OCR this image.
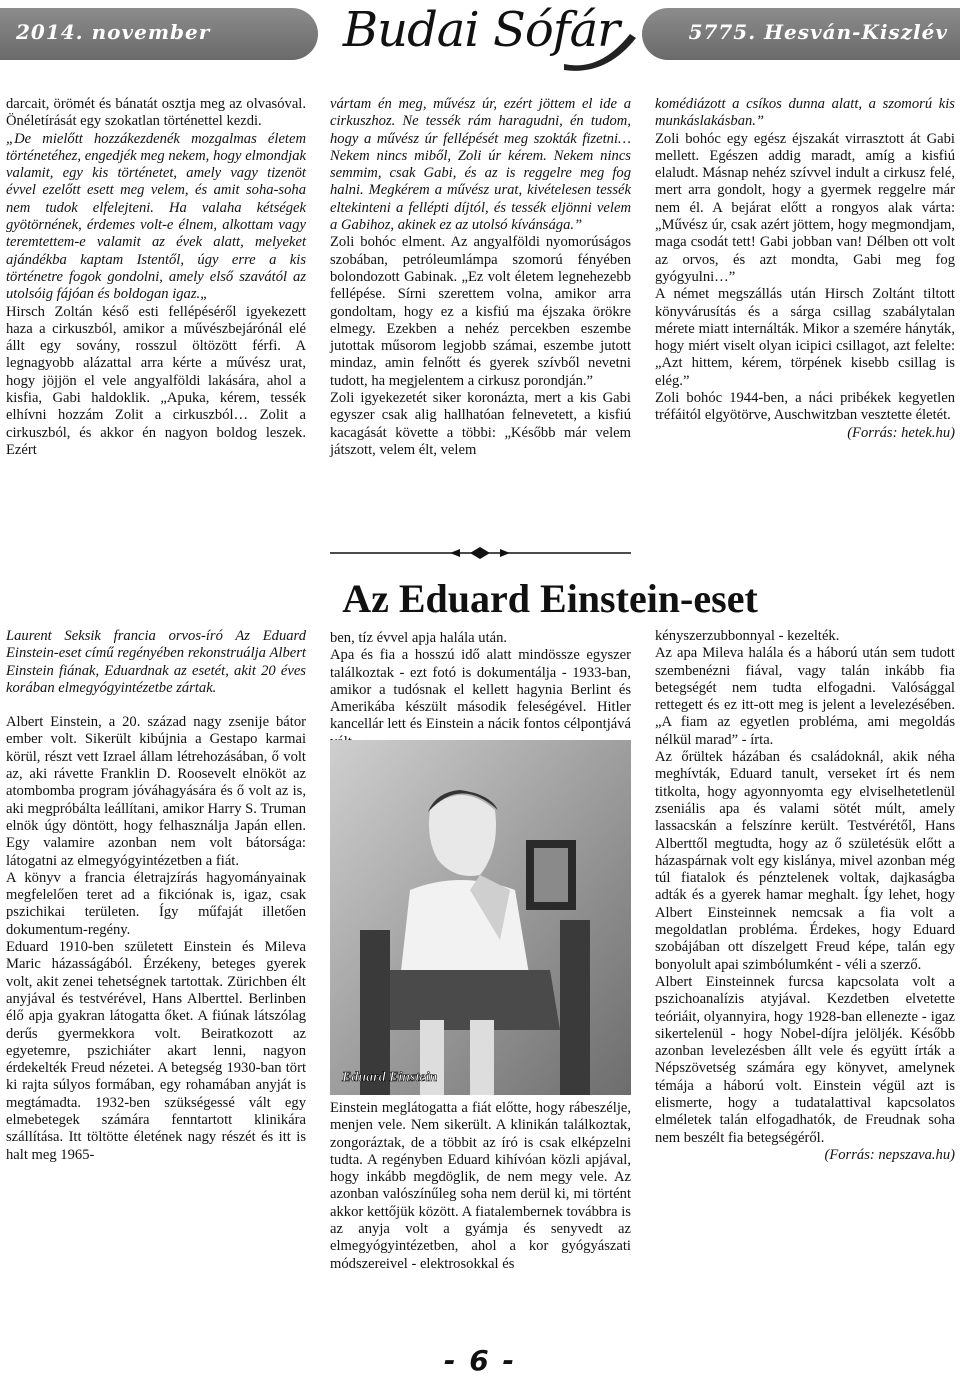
2014. november	5775. Hesván-Kiszlév
Budai Sófár

darcait, örömét és bánatát osztja meg az olvasóval. Önéletírását egy szokatlan történettel kezdi.

„De mielőtt hozzákezdenék mozgalmas életem történetéhez, engedjék meg nekem, hogy elmondjak valamit, egy kis történetet, amely vagy tizenöt évvel ezelőtt esett meg velem, és amit soha-soha nem tudok elfelejteni. Ha valaha kétségek gyötörnének, érdemes volt-e élnem, alkottam vagy teremtettem-e valamit az évek alatt, melyeket ajándékba kaptam Istentől, úgy erre a kis történetre fogok gondolni, amely első szavától az utolsóig fájóan és boldogan igaz.„

Hirsch Zoltán késő esti fellépéséről igyekezett haza a cirkuszból, amikor a művészbejárónál elé állt egy sovány, rosszul öltözött férfi. A legnagyobb alázattal arra kérte a művész urat, hogy jöjjön el vele angyalföldi lakására, ahol a kisfia, Gabi haldoklik. „Apuka, kérem, tessék elhívni hozzám Zolit a cirkuszból… Zolit a cirkuszból, és akkor én nagyon boldog leszek. Ezért

vártam én meg, művész úr, ezért jöttem el ide a cirkuszhoz. Ne tessék rám haragudni, én tudom, hogy a művész úr fellépését meg szokták fizetni… Nekem nincs miből, Zoli úr kérem. Nekem nincs semmim, csak Gabi, és az is reggelre meg fog halni. Megkérem a művész urat, kivételesen tessék eltekinteni a fellépti díjtól, és tessék eljönni velem a Gabihoz, akinek ez az utolsó kívánsága.”

Zoli bohóc elment. Az angyalföldi nyomorúságos szobában, petróleumlámpa szomorú fényében bolondozott Gabinak. „Ez volt életem legnehezebb fellépése. Sírni szerettem volna, amikor arra gondoltam, hogy ez a kisfiú ma éjszaka örökre elmegy. Ezekben a nehéz percekben eszembe jutottak műsorom legjobb számai, eszembe jutott mindaz, amin felnőtt és gyerek szívből nevetni tudott, ha megjelentem a cirkusz porondján.”

Zoli igyekezetét siker koronázta, mert a kis Gabi egyszer csak alig hallhatóan felnevetett, a kisfiú kacagását követte a többi: „Később már velem játszott, velem élt, velem

komédiázott a csíkos dunna alatt, a szomorú kis munkáslakásban.”

Zoli bohóc egy egész éjszakát virrasztott át Gabi mellett. Egészen addig maradt, amíg a kisfiú elaludt. Másnap nehéz szívvel indult a cirkusz felé, mert arra gondolt, hogy a gyermek reggelre már nem él. A bejárat előtt a rongyos alak várta: „Művész úr, csak azért jöttem, hogy megmondjam, maga csodát tett! Gabi jobban van! Délben ott volt az orvos, és azt mondta, Gabi meg fog gyógyulni…”

A német megszállás után Hirsch Zoltánt tiltott könyvárusítás és a sárga csillag szabálytalan mérete miatt internálták. Mikor a szemére hányták, hogy miért viselt olyan icipici csillagot, azt felelte: „Azt hittem, kérem, törpének kisebb csillag is elég.”

Zoli bohóc 1944-ben, a náci pribékek kegyetlen tréfáitól elgyötörve, Auschwitzban vesztette életét.

(Forrás: hetek.hu)

Az Eduard Einstein-eset

Laurent Seksik francia orvos-író Az Eduard Einstein-eset című regényében rekonstruálja Albert Einstein fiának, Eduardnak az esetét, akit 20 éves korában elmegyógyintézetbe zártak.

Albert Einstein, a 20. század nagy zsenije bátor ember volt. Sikerült kibújnia a Gestapo karmai körül, részt vett Izrael állam létrehozásában, ő volt az, aki rávette Franklin D. Roosevelt elnököt az atombomba program jóváhagyására és ő volt az is, aki megpróbálta leállítani, amikor Harry S. Truman elnök úgy döntött, hogy felhasználja Japán ellen. Egy valamire azonban nem volt bátorsága: látogatni az elmegyógyintézetben a fiát.

A könyv a francia életrajzírás hagyományainak megfelelően teret ad a fikciónak is, igaz, csak pszichikai területen. Így műfaját illetően dokumentum-regény.

Eduard 1910-ben született Einstein és Mileva Maric házasságából. Érzékeny, beteges gyerek volt, akit zenei tehetségnek tartottak. Zürichben élt anyjával és testvérével, Hans Alberttel. Berlinben élő apja gyakran látogatta őket. A fiúnak látszólag derűs gyermekkora volt. Beiratkozott az egyetemre, pszichiáter akart lenni, nagyon érdekelték Freud nézetei. A betegség 1930-ban tört ki rajta súlyos formában, egy rohamában anyját is megtámadta. 1932-ben szükségessé vált egy elmebetegek számára fenntartott klinikára szállítása. Itt töltötte életének nagy részét és itt is halt meg 1965-

ben, tíz évvel apja halála után.

Apa és fia a hosszú idő alatt mindössze egyszer találkoztak - ezt fotó is dokumentálja - 1933-ban, amikor a tudósnak el kellett hagynia Berlint és Amerikába készült második feleségével. Hitler kancellár lett és Einstein a nácik fontos célpontjává

Eduard Einstein

Einstein meglátogatta a fiát előtte, hogy rábeszélje, menjen vele. Nem sikerült. A klinikán találkoztak, zongoráztak, de a többit az író is csak elképzelni tudta. A regényben Eduard kihívóan közli apjával, hogy inkább megdöglik, de nem megy vele. Az azonban valószínűleg soha nem derül ki, mi történt akkor kettőjük között. A fiatalembernek továbbra is az anyja volt a gyámja és senyvedt az elmegyógyintézetben, ahol a kor gyógyászati módszereivel - elektrosokkal és

kényszerzubbonnyal - kezelték.

Az apa Mileva halála és a háború után sem tudott szembenézni fiával, vagy talán inkább fia betegségét nem tudta elfogadni. Valósággal rettegett és ez itt-ott meg is jelent a levelezésében. „A fiam az egyetlen probléma, ami megoldás nélkül marad” - írta.

Az őrültek házában és családoknál, akik néha meghívták, Eduard tanult, verseket írt és nem titkolta, hogy agyonnyomta egy elviselhetetlenül zseniális apa és valami sötét múlt, amely lassacskán a felszínre került. Testvérétől, Hans Alberttől megtudta, hogy az ő születésük előtt a házaspárnak volt egy kislánya, mivel azonban még túl fiatalok és pénztelenek voltak, dajkaságba adták és a gyerek hamar meghalt. Így lehet, hogy Albert Einsteinnek nemcsak a fia volt a megoldatlan probléma. Érdekes, hogy Eduard szobájában ott díszelgett Freud képe, talán egy bonyolult apai szimbólumként - véli a szerző.

Albert Einsteinnek furcsa kapcsolata volt a pszichoanalízis atyjával. Kezdetben elvetette teóriáit, olyannyira, hogy 1928-ban ellenezte - igaz sikertelenül - hogy Nobel-díjra jelöljék. Később azonban levelezésben állt vele és együtt írták a Népszövetség számára egy könyvet, amelynek témája a háború volt. Einstein végül azt is elismerte, hogy a tudatalattival kapcsolatos elméletek talán elfogadhatók, de Freudnak soha nem beszélt fia betegségéről.

(Forrás: nepszava.hu)

- 6 -
